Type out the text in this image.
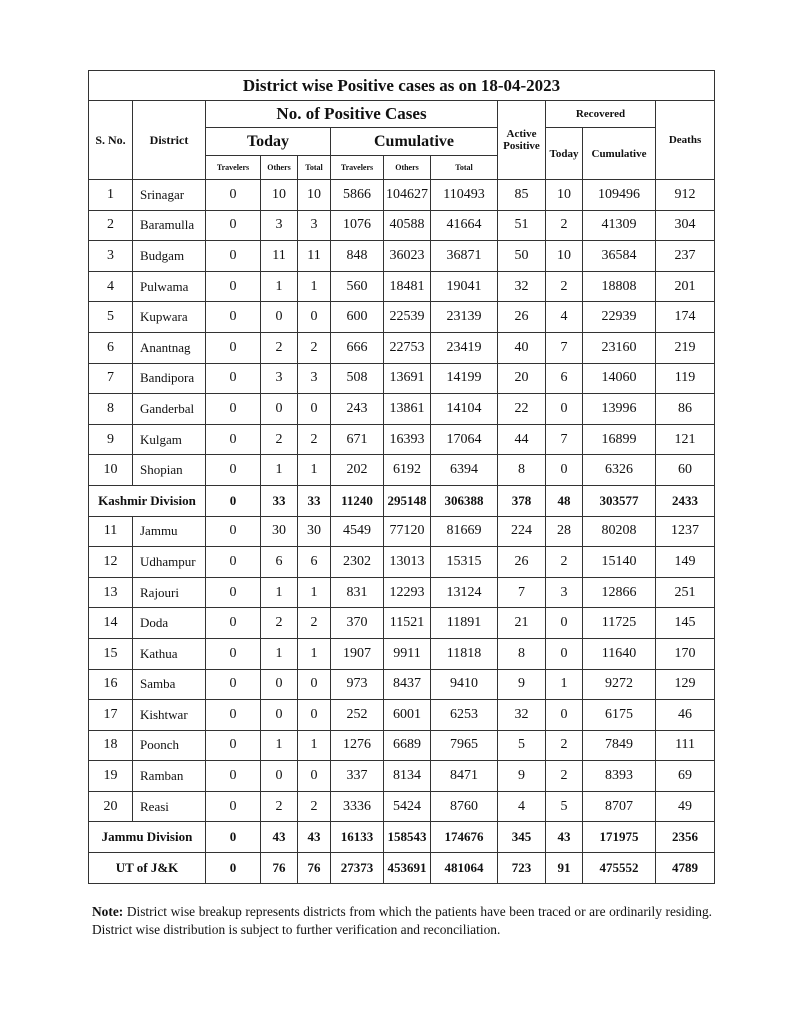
District wise Positive cases as on 18-04-2023											
S. No.	District	No. of Positive Cases						Active Positive	Recovered		Deaths
		Today			Cumulative				Today	Cumulative	
		Travelers	Others	Total	Travelers	Others	Total				
1	Srinagar	0	10	10	5866	104627	110493	85	10	109496	912
2	Baramulla	0	3	3	1076	40588	41664	51	2	41309	304
3	Budgam	0	11	11	848	36023	36871	50	10	36584	237
4	Pulwama	0	1	1	560	18481	19041	32	2	18808	201
5	Kupwara	0	0	0	600	22539	23139	26	4	22939	174
6	Anantnag	0	2	2	666	22753	23419	40	7	23160	219
7	Bandipora	0	3	3	508	13691	14199	20	6	14060	119
8	Ganderbal	0	0	0	243	13861	14104	22	0	13996	86
9	Kulgam	0	2	2	671	16393	17064	44	7	16899	121
10	Shopian	0	1	1	202	6192	6394	8	0	6326	60
Kashmir Division		0	33	33	11240	295148	306388	378	48	303577	2433
11	Jammu	0	30	30	4549	77120	81669	224	28	80208	1237
12	Udhampur	0	6	6	2302	13013	15315	26	2	15140	149
13	Rajouri	0	1	1	831	12293	13124	7	3	12866	251
14	Doda	0	2	2	370	11521	11891	21	0	11725	145
15	Kathua	0	1	1	1907	9911	11818	8	0	11640	170
16	Samba	0	0	0	973	8437	9410	9	1	9272	129
17	Kishtwar	0	0	0	252	6001	6253	32	0	6175	46
18	Poonch	0	1	1	1276	6689	7965	5	2	7849	111
19	Ramban	0	0	0	337	8134	8471	9	2	8393	69
20	Reasi	0	2	2	3336	5424	8760	4	5	8707	49
Jammu Division		0	43	43	16133	158543	174676	345	43	171975	2356
UT of J&K		0	76	76	27373	453691	481064	723	91	475552	4789
Note: District wise breakup represents districts from which the patients have been traced or are ordinarily residing. District wise distribution is subject to further verification and reconciliation.
